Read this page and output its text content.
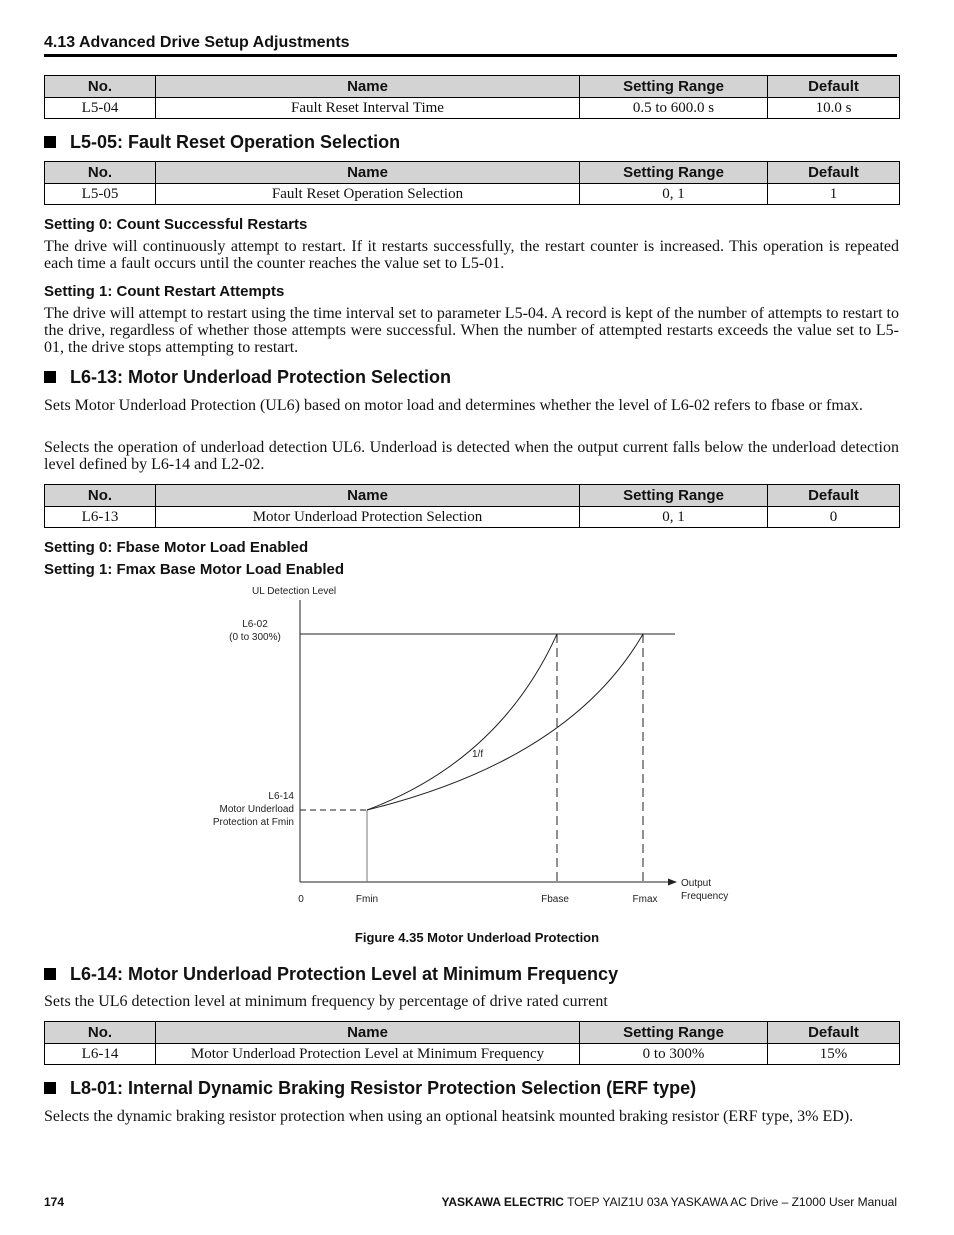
4.13 Advanced Drive Setup Adjustments
No.	Name	Setting Range	Default
L5-04	Fault Reset Interval Time	0.5 to 600.0 s	10.0 s
L5-05: Fault Reset Operation Selection
No.	Name	Setting Range	Default
L5-05	Fault Reset Operation Selection	0, 1	1
Setting 0: Count Successful Restarts
The drive will continuously attempt to restart. If it restarts successfully, the restart counter is increased. This operation is repeated each time a fault occurs until the counter reaches the value set to L5-01.
Setting 1: Count Restart Attempts
The drive will attempt to restart using the time interval set to parameter L5-04. A record is kept of the number of attempts to restart to the drive, regardless of whether those attempts were successful. When the number of attempted restarts exceeds the value set to L5-01, the drive stops attempting to restart.
L6-13: Motor Underload Protection Selection
Sets Motor Underload Protection (UL6) based on motor load and determines whether the level of L6-02 refers to fbase or fmax.
Selects the operation of underload detection UL6. Underload is detected when the output current falls below the underload detection level defined by L6-14 and L2-02.
No.	Name	Setting Range	Default
L6-13	Motor Underload Protection Selection	0, 1	0
Setting 0: Fbase Motor Load Enabled
Setting 1: Fmax Base Motor Load Enabled
UL Detection Level
L6-02
(0 to 300%)
L6-14
Motor Underload
Protection at Fmin
1/f
0	Fmin	Fbase	Fmax
Output
Frequency
Figure 4.35 Motor Underload Protection
L6-14: Motor Underload Protection Level at Minimum Frequency
Sets the UL6 detection level at minimum frequency by percentage of drive rated current
No.	Name	Setting Range	Default
L6-14	Motor Underload Protection Level at Minimum Frequency	0 to 300%	15%
L8-01: Internal Dynamic Braking Resistor Protection Selection (ERF type)
Selects the dynamic braking resistor protection when using an optional heatsink mounted braking resistor (ERF type, 3% ED).
174	YASKAWA ELECTRIC TOEP YAIZ1U 03A YASKAWA AC Drive – Z1000 User Manual
